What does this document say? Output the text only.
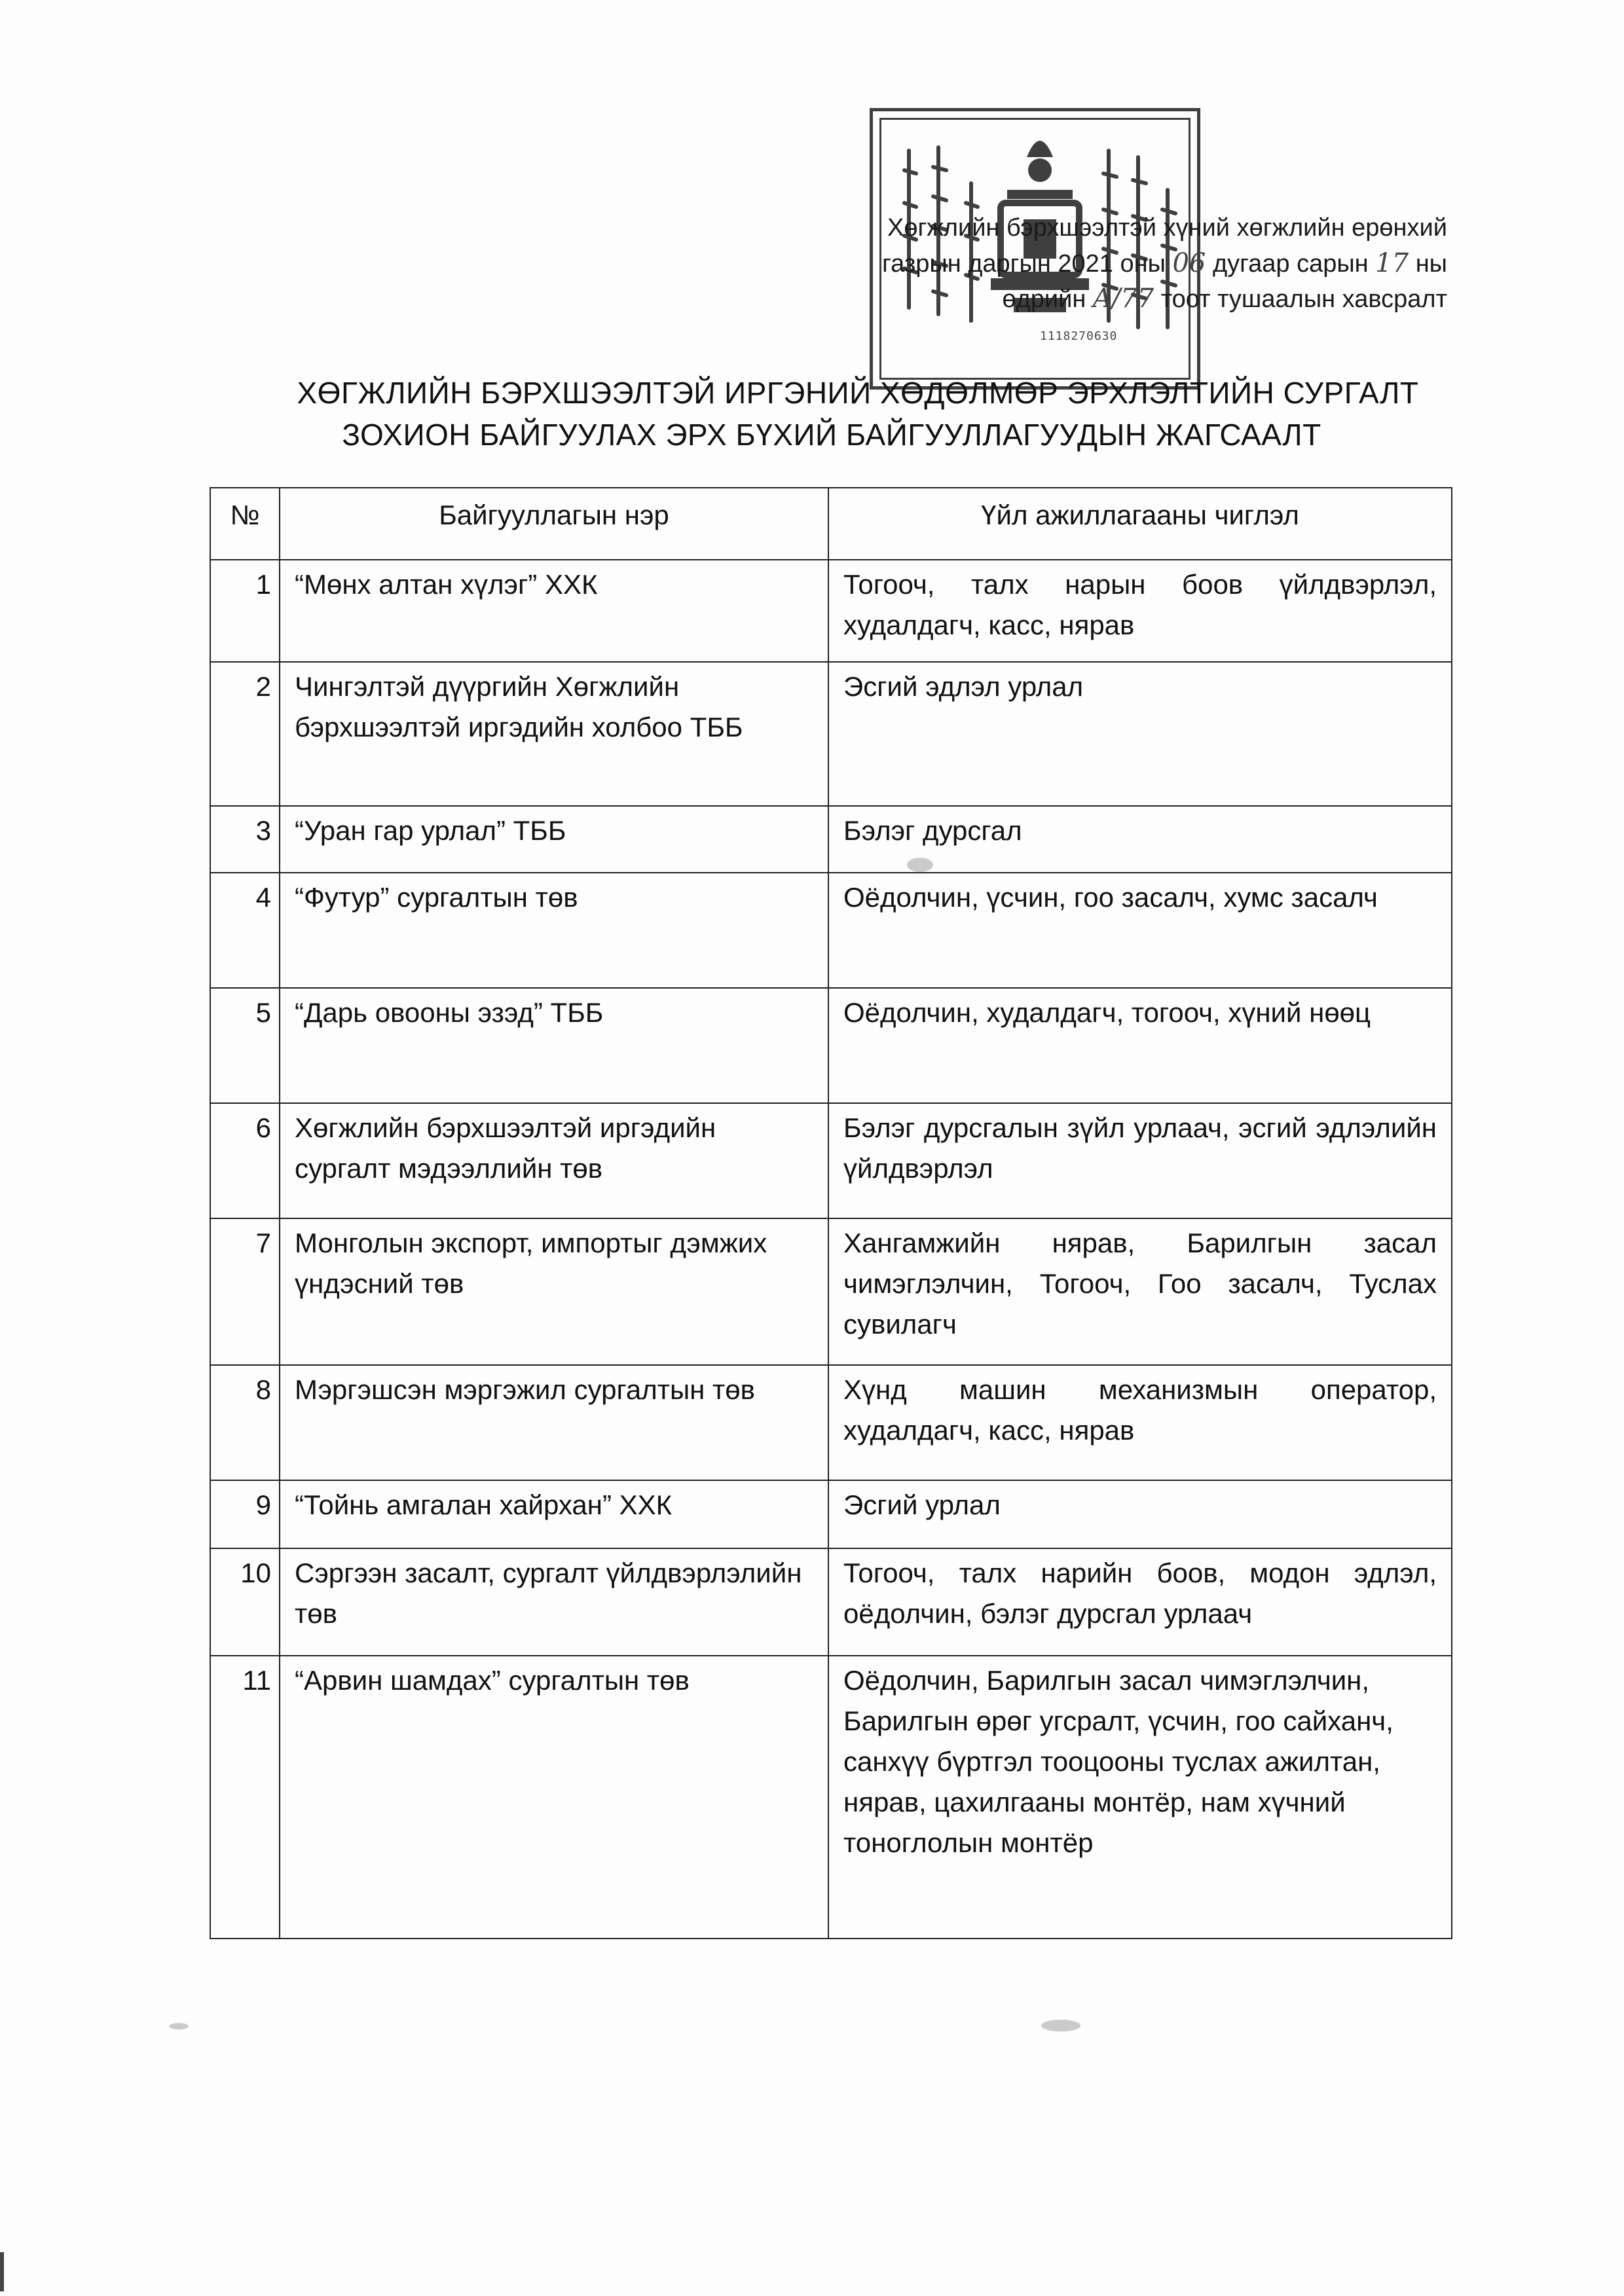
1118270630
Хөгжлийн бэрхшээлтэй хүний хөгжлийн ерөнхий
газрын даргын 2021 оны 06 дугаар сарын 17 ны
өдрийн A/77 тоот тушаалын хавсралт
ХӨГЖЛИЙН БЭРХШЭЭЛТЭЙ ИРГЭНИЙ ХӨДӨЛМӨР ЭРХЛЭЛТИЙН СУРГАЛТ
ЗОХИОН БАЙГУУЛАХ ЭРХ БҮХИЙ БАЙГУУЛЛАГУУДЫН ЖАГСААЛТ
№	Байгууллагын нэр	Үйл ажиллагааны чиглэл
1	“Мөнх алтан хүлэг” ХХК	Тогооч, талх нарын боов үйлдвэрлэл, худалдагч, касс, нярав
2	Чингэлтэй дүүргийн Хөгжлийн бэрхшээлтэй иргэдийн холбоо ТББ	Эсгий эдлэл урлал
3	“Уран гар урлал” ТББ	Бэлэг дурсгал
4	“Футур” сургалтын төв	Оёдолчин, үсчин, гоо засалч, хумс засалч
5	“Дарь овооны эзэд” ТББ	Оёдолчин, худалдагч, тогооч, хүний нөөц
6	Хөгжлийн бэрхшээлтэй иргэдийн сургалт мэдээллийн төв	Бэлэг дурсгалын зүйл урлаач, эсгий эдлэлийн үйлдвэрлэл
7	Монголын экспорт, импортыг дэмжих үндэсний төв	Хангамжийн нярав, Барилгын засал чимэглэлчин, Тогооч, Гоо засалч, Туслах сувилагч
8	Мэргэшсэн мэргэжил сургалтын төв	Хүнд машин механизмын оператор, худалдагч, касс, нярав
9	“Тойнь амгалан хайрхан” ХХК	Эсгий урлал
10	Сэргээн засалт, сургалт үйлдвэрлэлийн төв	Тогооч, талх нарийн боов, модон эдлэл, оёдолчин, бэлэг дурсгал урлаач
11	“Арвин шамдах” сургалтын төв	Оёдолчин, Барилгын засал чимэглэлчин, Барилгын өрөг угсралт, үсчин, гоо сайханч, санхүү бүртгэл тооцооны туслах ажилтан, нярав, цахилгааны монтёр, нам хүчний тоноглолын монтёр
